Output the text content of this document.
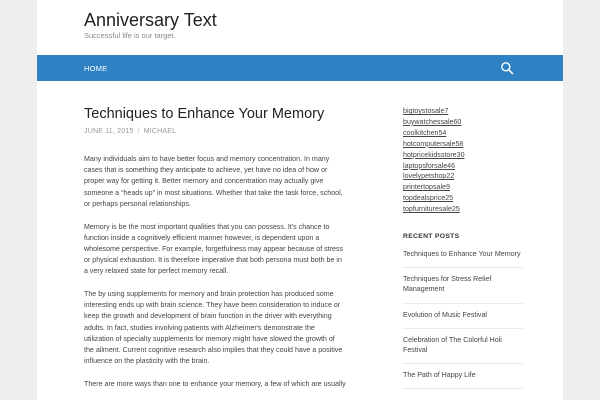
Anniversary Text
Successful life is our target.
HOME
Techniques to Enhance Your Memory
JUNE 11, 2015 / MICHAEL

Many individuals aim to have better focus and memory concentration. In many cases that is something they anticipate to achieve, yet have no idea of how or proper way for getting it. Better memory and concentration may actually give someone a “heads up” in most situations. Whether that take the task force, school, or perhaps personal relationships.

Memory is be the most important qualities that you can possess. It's chance to function inside a cognitively efficient manner however, is dependent upon a wholesome perspective. For example, forgetfulness may appear because of stress or physical exhaustion. It is therefore imperative that both persona must both be in a very relaxed state for perfect memory recall.

The by using supplements for memory and brain protection has produced some interesting ends up with brain science. They have been consideration to induce or keep the growth and development of brain function in the driver with everything adults. In fact, studies involving patients with Alzheimer's demonstrate the utilization of specialty supplements for memory might have slowed the growth of the ailment. Current cognitive research also implies that they could have a positive influence on the plasticity with the brain.

There are more ways than one to enhance your memory, a few of which are usually

bigtoystosale7
buywatchessale60
coolkitchen54
hotcomputersale58
hotpricekidsstore30
laptopsforsale46
lovelypetshop22
printertopsale9
topdealsprice25
topfurnituresale25
RECENT POSTS
Techniques to Enhance Your Memory
Techniques for Stress Relief Management
Evolution of Music Festival
Celebration of The Colorful Holi Festival
The Path of Happy Life
